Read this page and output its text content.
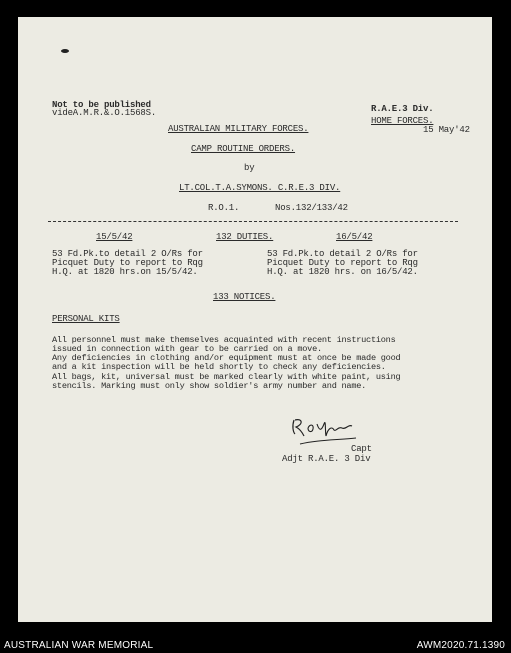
Not to be published
videA.M.R.&.O.1568S.	R.A.E.3 Div.
HOME FORCES.
15 May'42
AUSTRALIAN MILITARY FORCES.
CAMP ROUTINE ORDERS.
by
LT.COL.T.A.SYMONS. C.R.E.3 DIV.
R.O.1.	Nos.132/133/42
15/5/42	132 DUTIES.	16/5/42
53 Fd.Pk.to detail 2 O/Rs for
Picquet Duty to report to Rqg
H.Q. at 1820 hrs.on 15/5/42.
53 Fd.Pk.to detail 2 O/Rs for
Picquet Duty to report to Rqg
H.Q. at 1820 hrs. on 16/5/42.
133 NOTICES.
PERSONAL KITS
All personnel must make themselves acquainted with recent instructions
issued in connection with gear to be carried on a move.
Any deficiencies in clothing and/or equipment must at once be made good
and a kit inspection will be held shortly to check any deficiencies.
All bags, kit, universal must be marked clearly with white paint, using
stencils. Marking must only show soldier's army number and name.
Capt
Adjt R.A.E. 3 Div
AUSTRALIAN WAR MEMORIAL	AWM2020.71.1390
